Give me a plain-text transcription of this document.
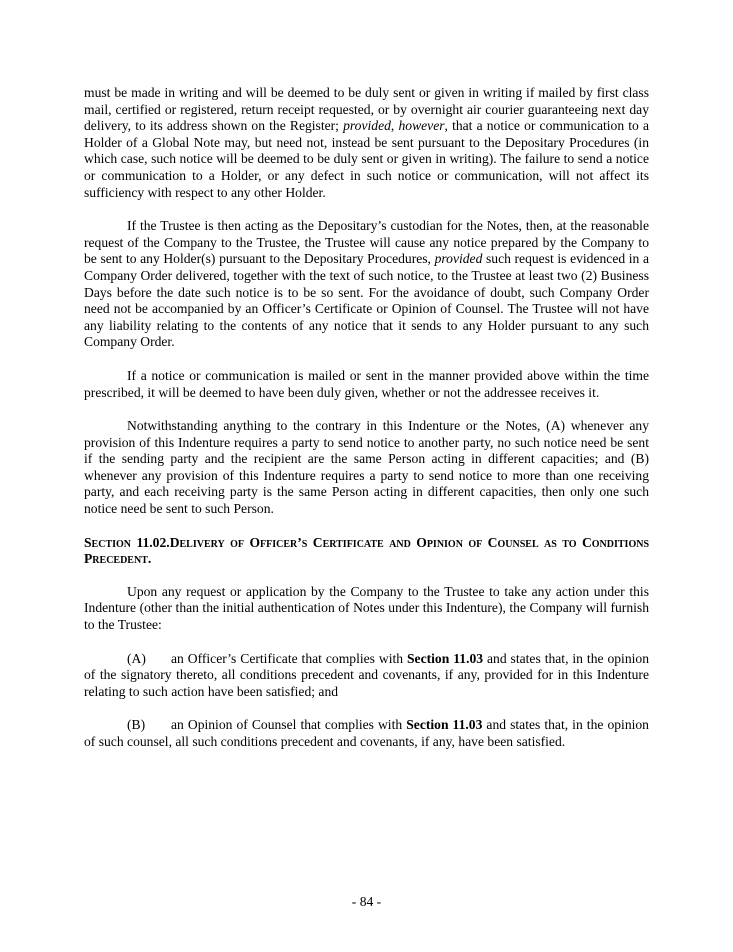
must be made in writing and will be deemed to be duly sent or given in writing if mailed by first class mail, certified or registered, return receipt requested, or by overnight air courier guaranteeing next day delivery, to its address shown on the Register; provided, however, that a notice or communication to a Holder of a Global Note may, but need not, instead be sent pursuant to the Depositary Procedures (in which case, such notice will be deemed to be duly sent or given in writing). The failure to send a notice or communication to a Holder, or any defect in such notice or communication, will not affect its sufficiency with respect to any other Holder.

If the Trustee is then acting as the Depositary’s custodian for the Notes, then, at the reasonable request of the Company to the Trustee, the Trustee will cause any notice prepared by the Company to be sent to any Holder(s) pursuant to the Depositary Procedures, provided such request is evidenced in a Company Order delivered, together with the text of such notice, to the Trustee at least two (2) Business Days before the date such notice is to be so sent. For the avoidance of doubt, such Company Order need not be accompanied by an Officer’s Certificate or Opinion of Counsel. The Trustee will not have any liability relating to the contents of any notice that it sends to any Holder pursuant to any such Company Order.

If a notice or communication is mailed or sent in the manner provided above within the time prescribed, it will be deemed to have been duly given, whether or not the addressee receives it.

Notwithstanding anything to the contrary in this Indenture or the Notes, (A) whenever any provision of this Indenture requires a party to send notice to another party, no such notice need be sent if the sending party and the recipient are the same Person acting in different capacities; and (B) whenever any provision of this Indenture requires a party to send notice to more than one receiving party, and each receiving party is the same Person acting in different capacities, then only one such notice need be sent to such Person.

Section 11.02.Delivery of Officer’s Certificate and Opinion of Counsel as to Conditions Precedent.

Upon any request or application by the Company to the Trustee to take any action under this Indenture (other than the initial authentication of Notes under this Indenture), the Company will furnish to the Trustee:

(A) an Officer’s Certificate that complies with Section 11.03 and states that, in the opinion of the signatory thereto, all conditions precedent and covenants, if any, provided for in this Indenture relating to such action have been satisfied; and

(B) an Opinion of Counsel that complies with Section 11.03 and states that, in the opinion of such counsel, all such conditions precedent and covenants, if any, have been satisfied.

- 84 -
